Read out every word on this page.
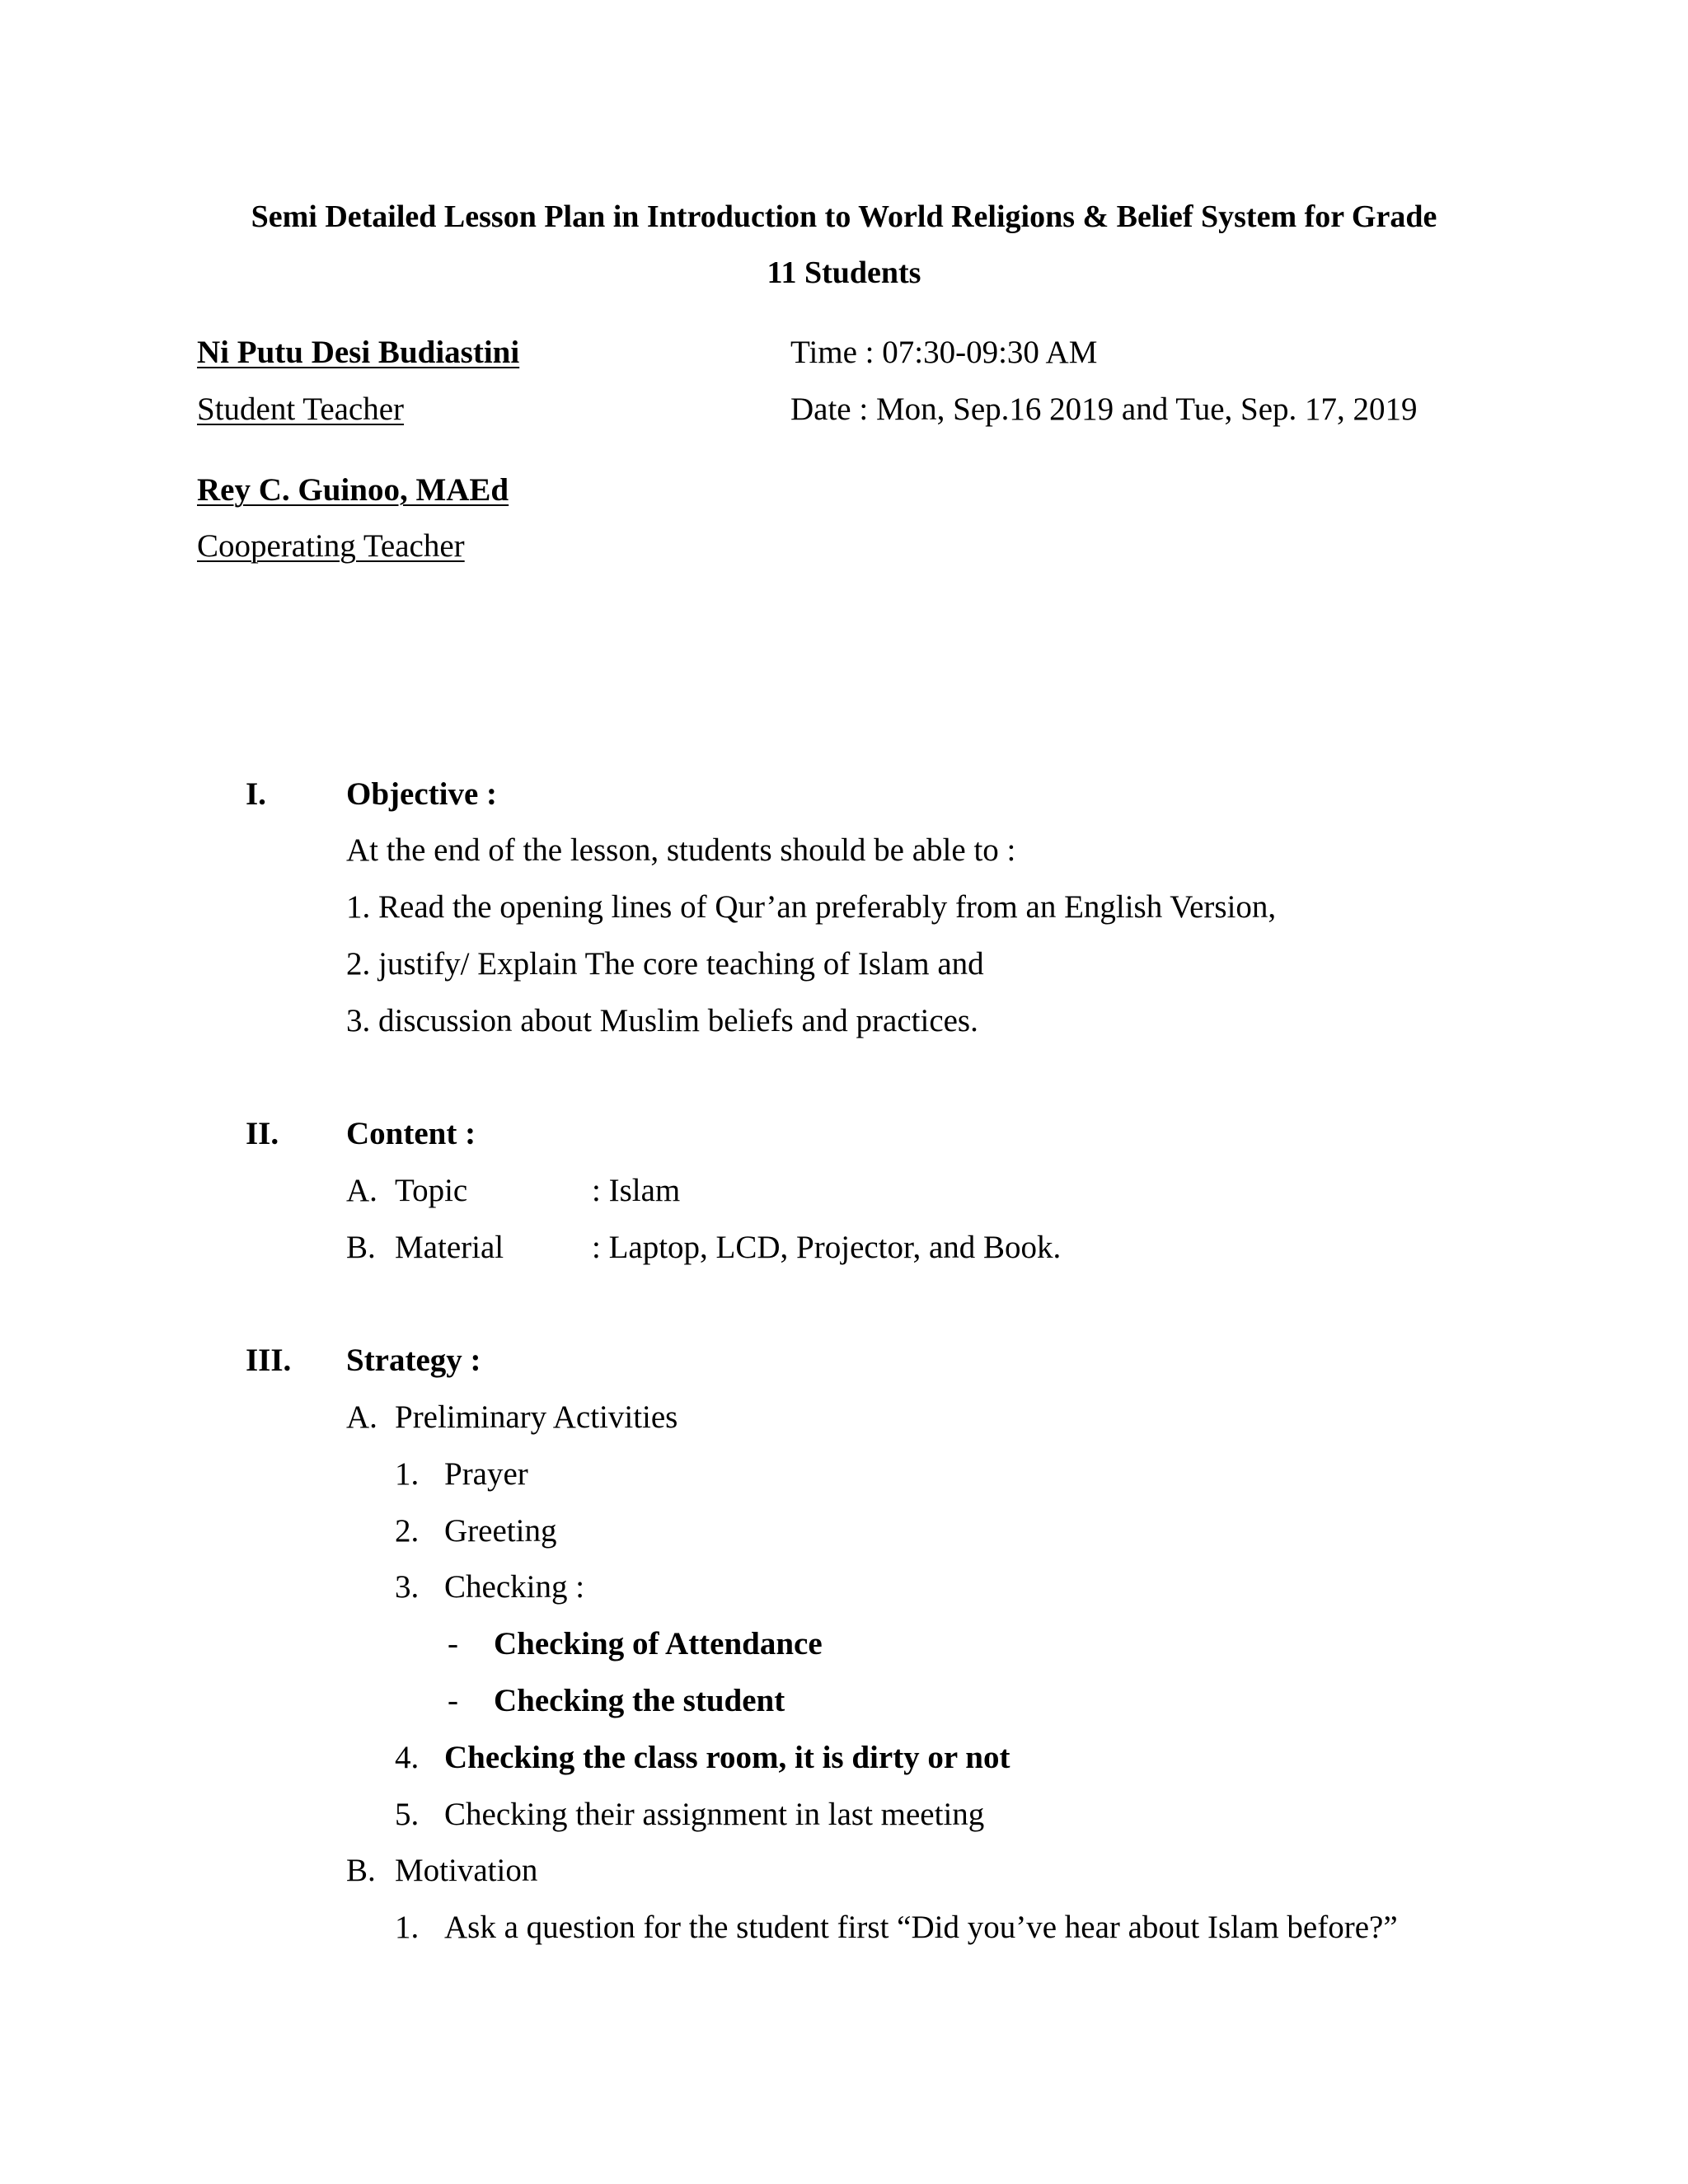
Semi Detailed Lesson Plan in Introduction to World Religions & Belief System for Grade
11 Students
Ni Putu Desi Budiastini
Student Teacher
Rey C. Guinoo, MAEd
Cooperating Teacher
Time : 07:30-09:30 AM
Date : Mon, Sep.16 2019 and Tue, Sep. 17, 2019
I. Objective :
At the end of the lesson, students should be able to :
1. Read the opening lines of Qur’an preferably from an English Version,
2. justify/ Explain The core teaching of Islam and
3. discussion about Muslim beliefs and practices.
II. Content :
A. Topic	: Islam
B. Material	: Laptop, LCD, Projector, and Book.
III. Strategy :
A. Preliminary Activities
1. Prayer
2. Greeting
3. Checking :
- Checking of Attendance
- Checking the student
4. Checking the class room, it is dirty or not
5. Checking their assignment in last meeting
B. Motivation
1. Ask a question for the student first “Did you’ve hear about Islam before?”
